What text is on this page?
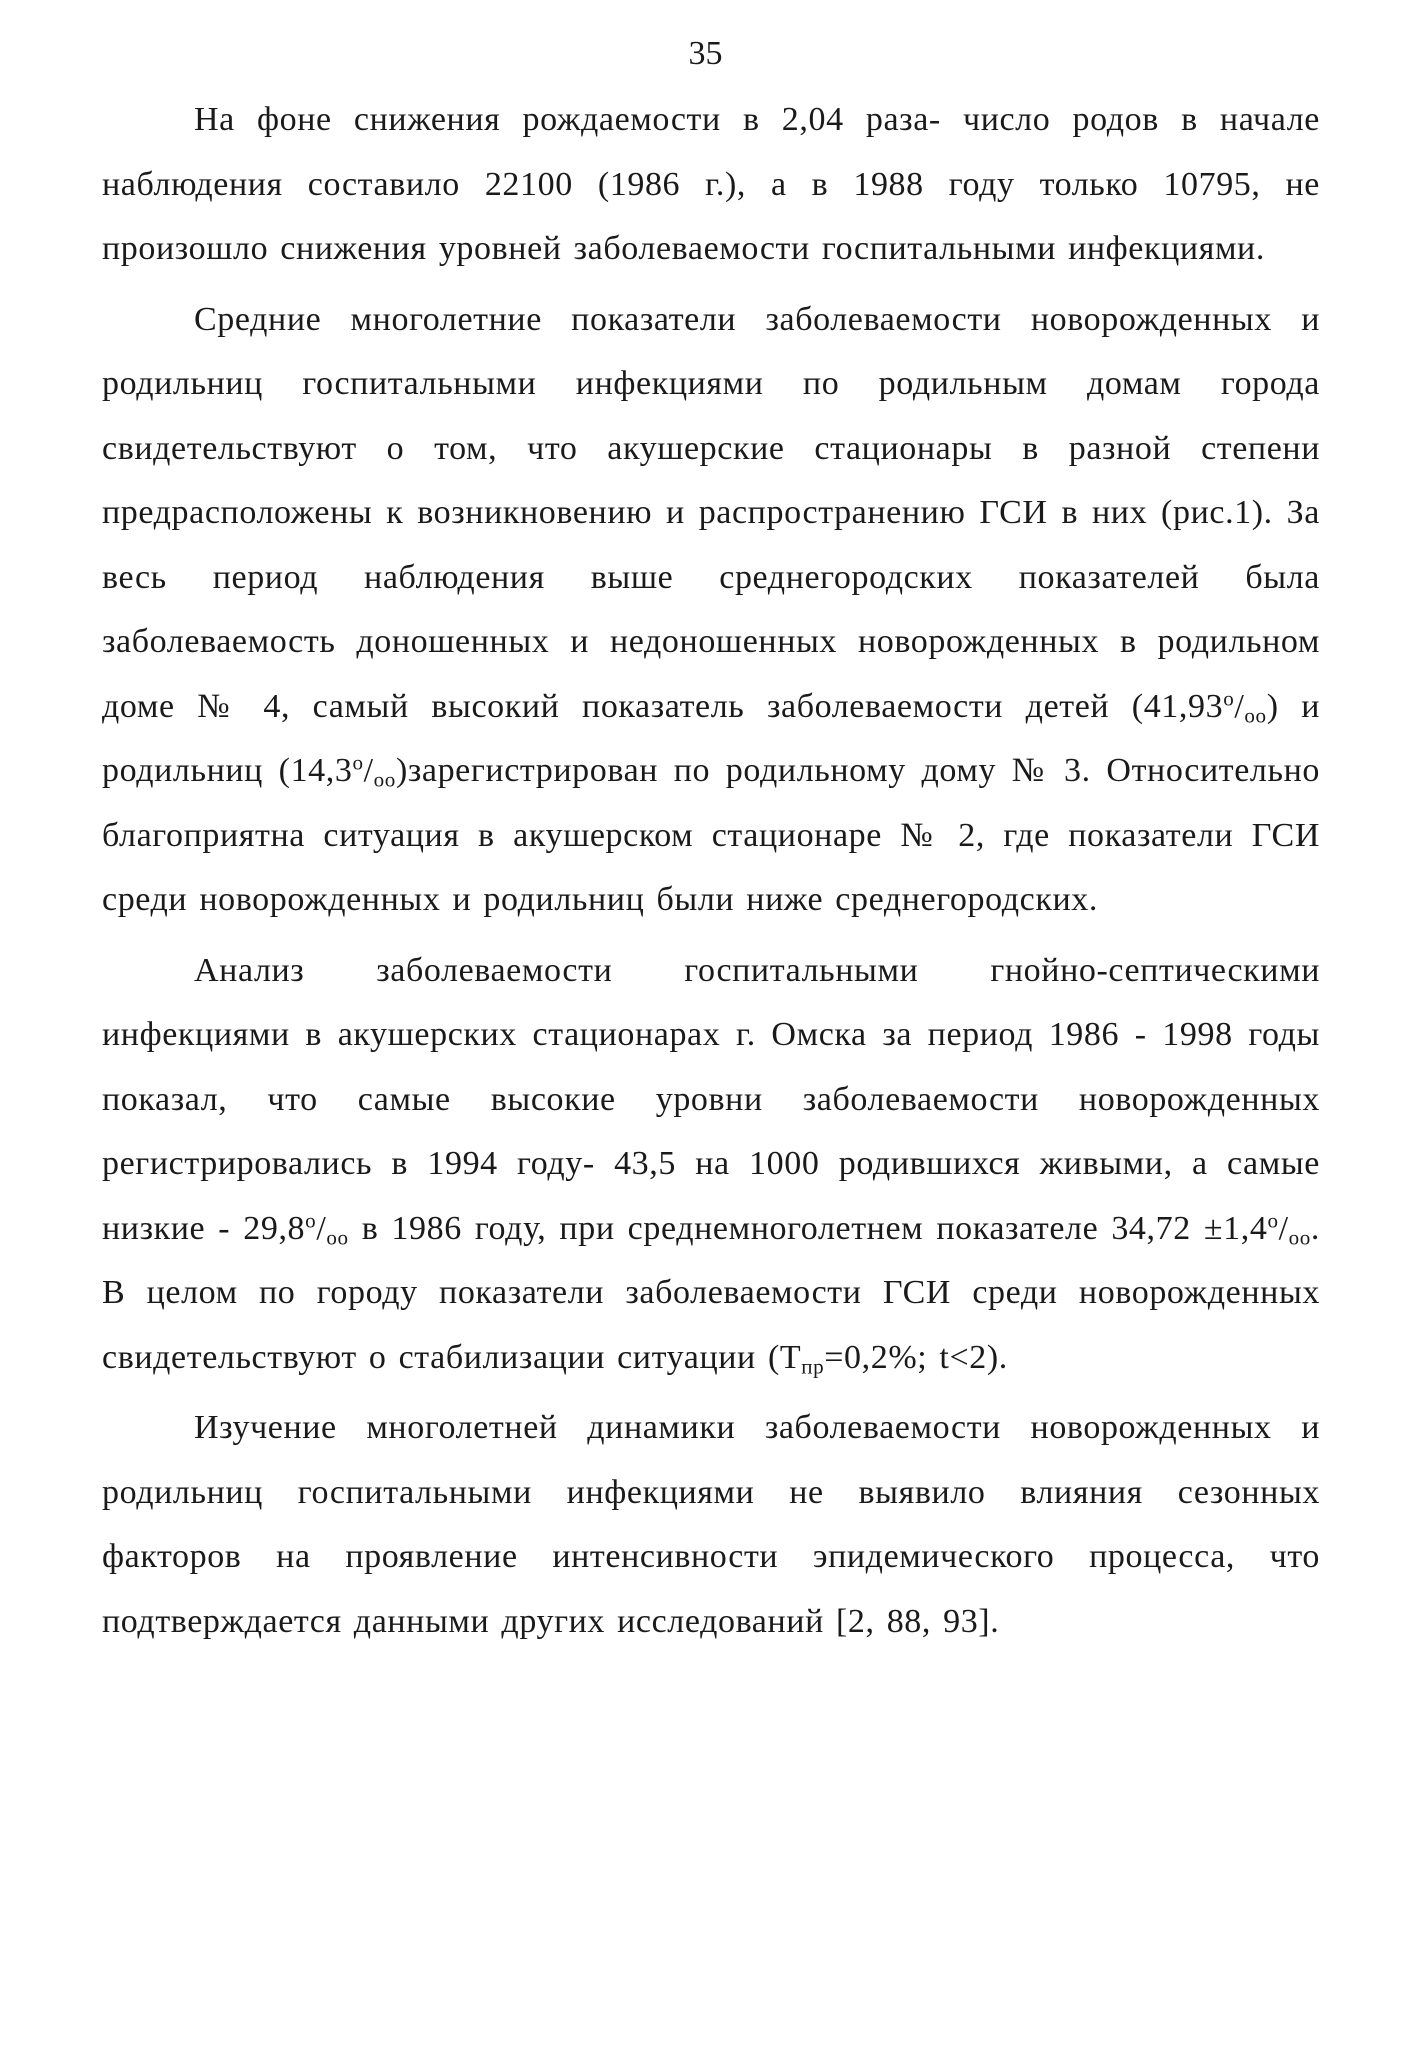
35

На фоне снижения рождаемости в 2,04 раза- число родов в начале наблюдения составило 22100 (1986 г.), а в 1988 году только 10795, не произошло снижения уровней заболеваемости госпитальными инфекциями.

Средние многолетние показатели заболеваемости новорожденных и родильниц госпитальными инфекциями по родильным домам города свидетельствуют о том, что акушерские стационары в разной степени предрасположены к возникновению и распространению ГСИ в них (рис.1). За весь период наблюдения выше среднегородских показателей была заболеваемость доношенных и недоношенных новорожденных в родильном доме № 4, самый высокий показатель заболеваемости детей $(41,93^о/_{оо})$ и родильниц $(14,3^о/_{оо})зарегистрирован$ по родильному дому № 3. Относительно благоприятна ситуация в акушерском стационаре № 2, где показатели ГСИ среди новорожденных и родильниц были ниже среднегородских.

Анализ заболеваемости госпитальными гнойно-септическими инфекциями в акушерских стационарах г. Омска за период 1986 - 1998 годы показал, что самые высокие уровни заболеваемости новорожденных регистрировались в 1994 году- 43,5 на 1000 родившихся живыми, а самые низкие - $29,8^о/_{оо}$ в 1986 году, при среднемноголетнем показателе $34,72 \pm 1,4^о/_{оо}$. В целом по городу показатели заболеваемости ГСИ среди новорожденных свидетельствуют о стабилизации ситуации ($Т_{пр}=0,2\%$; t<2).

Изучение многолетней динамики заболеваемости новорожденных и родильниц госпитальными инфекциями не выявило влияния сезонных факторов на проявление интенсивности эпидемического процесса, что подтверждается данными других исследований [2, 88, 93].
